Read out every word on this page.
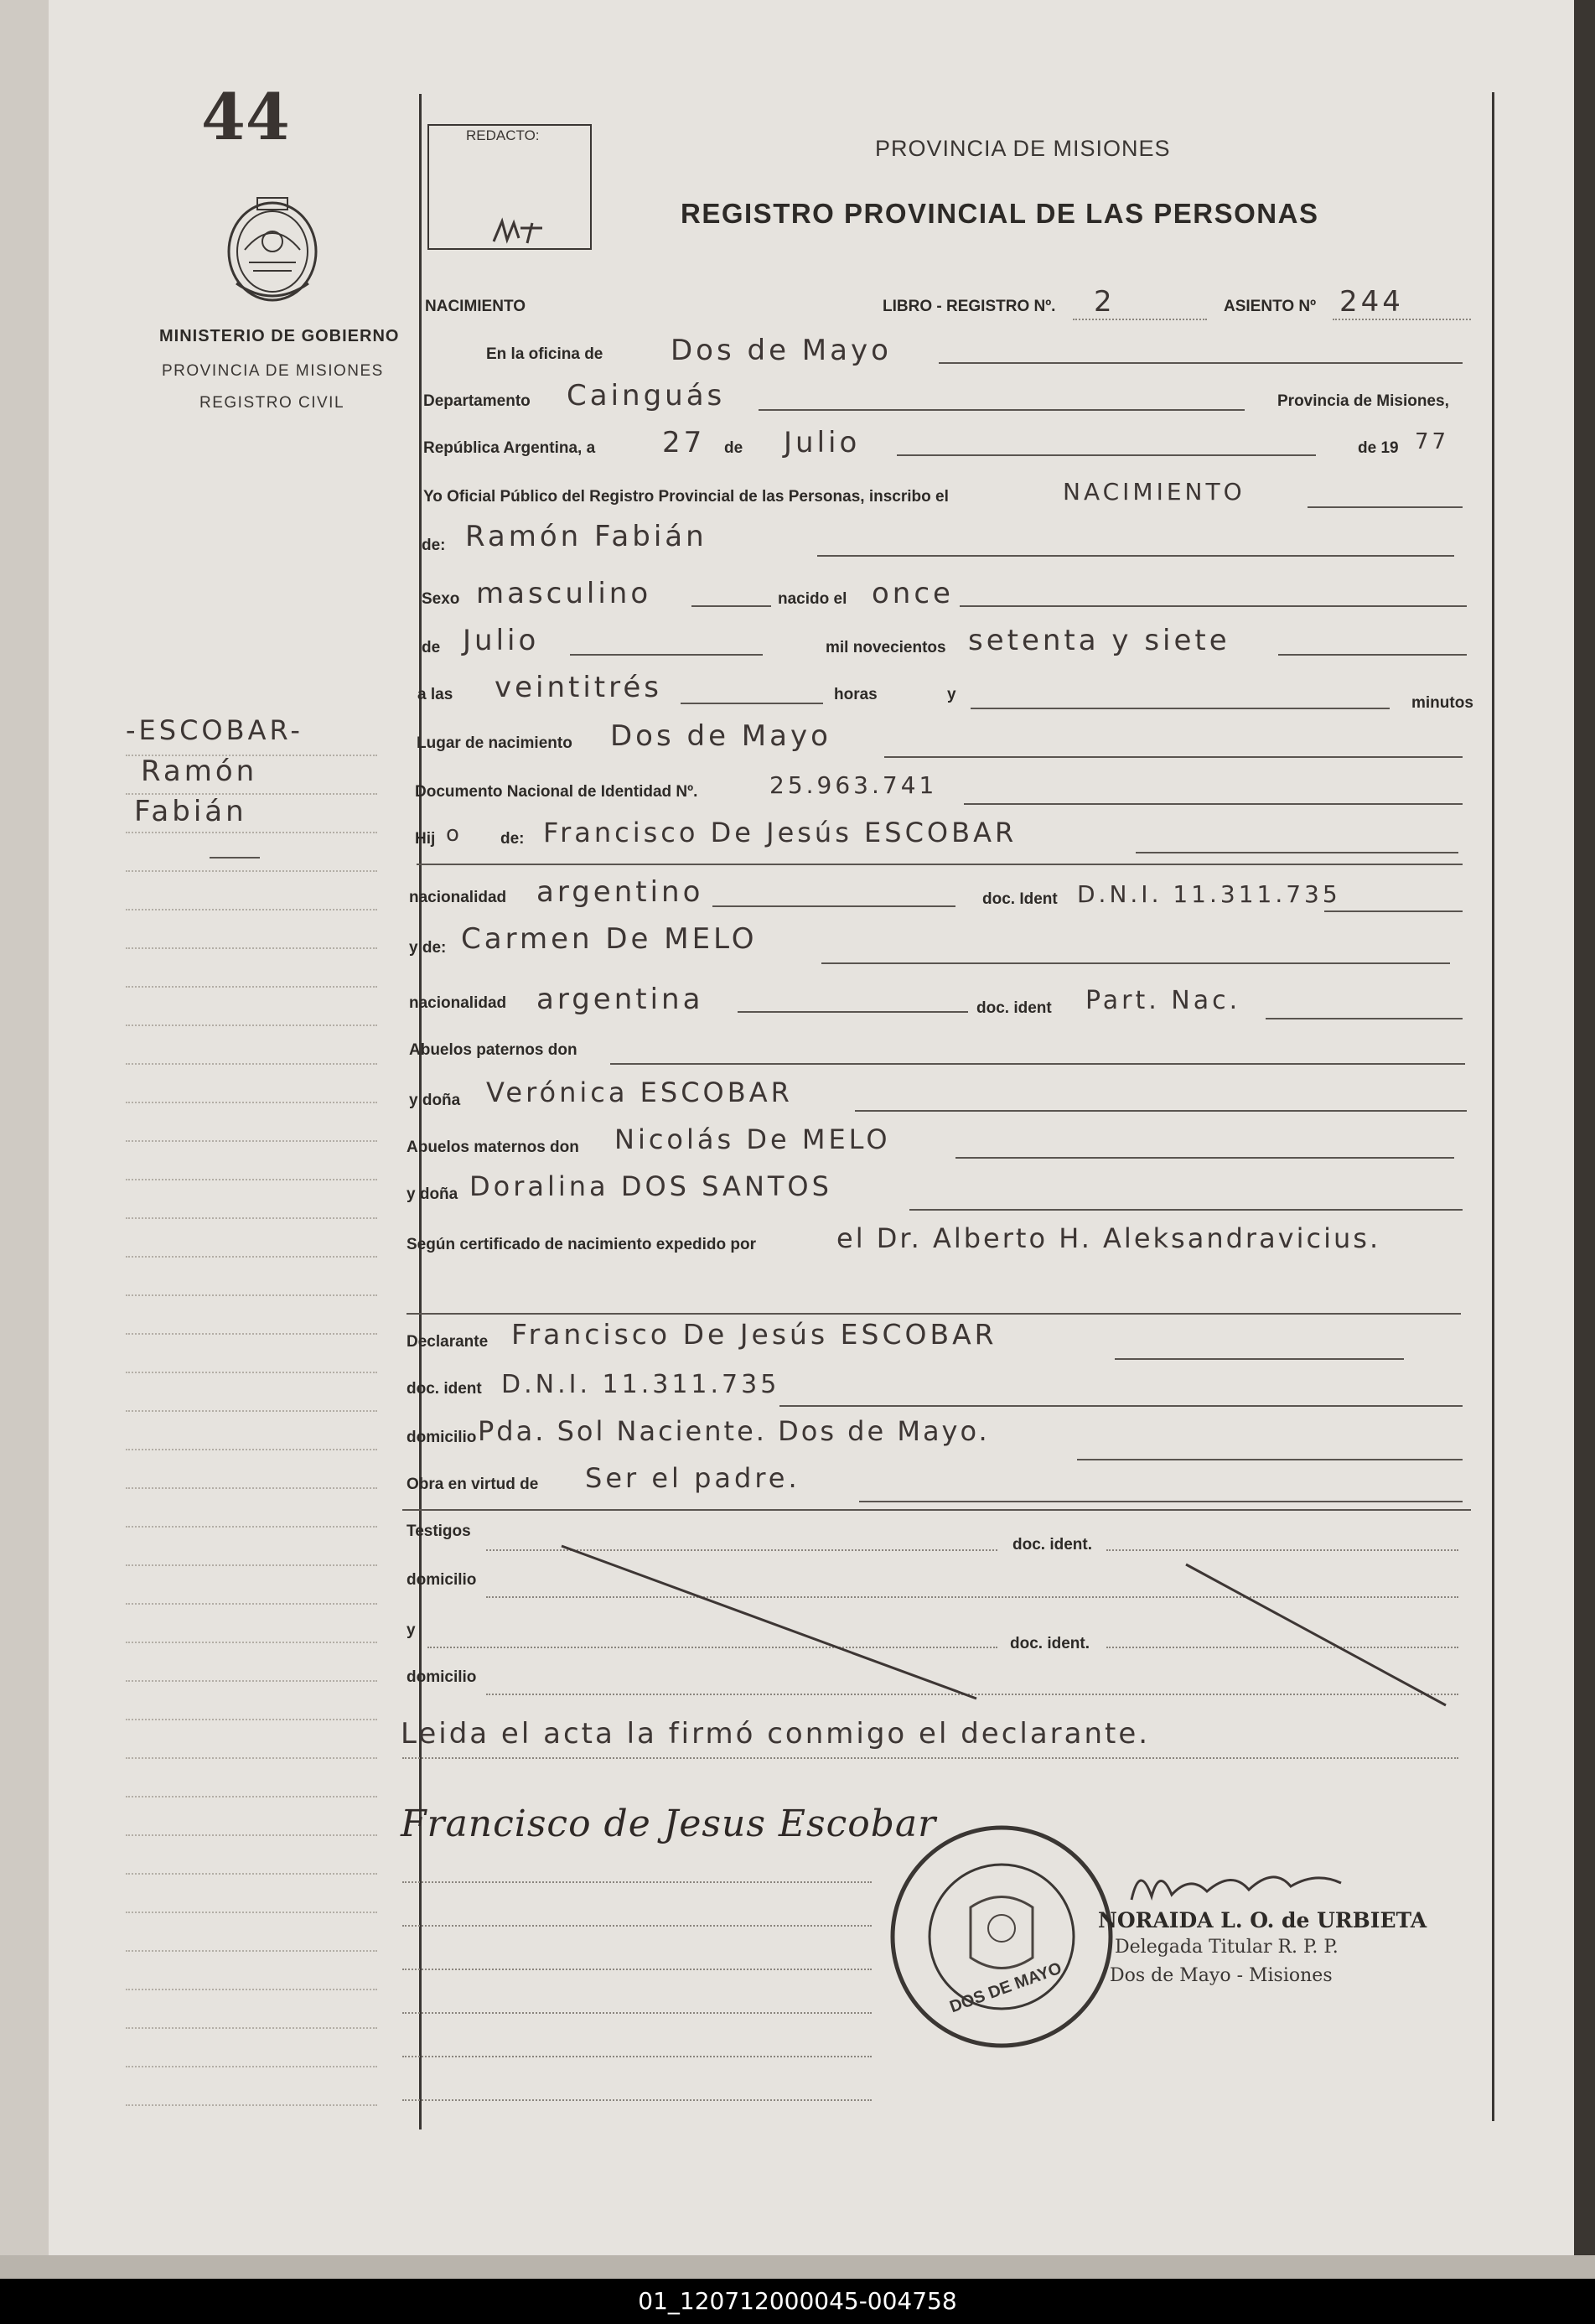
44
MINISTERIO DE GOBIERNO
PROVINCIA DE MISIONES
REGISTRO CIVIL
REDACTO:
PROVINCIA DE MISIONES
REGISTRO PROVINCIAL DE LAS PERSONAS
NACIMIENTO	LIBRO - REGISTRO Nº. 2	ASIENTO Nº 244
En la oficina de Dos de Mayo
Departamento Cainguás	Provincia de Misiones,
República Argentina, a 27 de Julio	de 19 77
Yo Oficial Público del Registro Provincial de las Personas, inscribo el	NACIMIENTO
de: Ramón Fabián
Sexo masculino	nacido el once
de Julio	mil novecientos setenta y siete
a las veintitrés	horas	y	minutos
Lugar de nacimiento Dos de Mayo
Documento Nacional de Identidad Nº.	25.963.741
Hij o de: Francisco De Jesús ESCOBAR
nacionalidad argentino	doc. Ident D.N.I. 11.311.735
y de: Carmen De MELO
nacionalidad argentina	doc. ident Part. Nac.
Abuelos paternos don
y doña Verónica ESCOBAR
Abuelos maternos don Nicolás De MELO
y doña Doralina DOS SANTOS
Según certificado de nacimiento expedido por	el Dr. Alberto H. Aleksandravicius.
Declarante Francisco De Jesús ESCOBAR
doc. ident D.N.I. 11.311.735
domicilio Pda. Sol Naciente. Dos de Mayo.
Obra en virtud de Ser el padre.
Testigos
doc. ident.
domicilio
y
doc. ident.
domicilio
Leida el acta la firmó conmigo el declarante.
Francisco de Jesus Escobar
DOS DE MAYO
NORAIDA L. O. de URBIETA
Delegada Titular R. P. P.
Dos de Mayo - Misiones
-ESCOBAR-
Ramón
Fabián
01_120712000045-004758
